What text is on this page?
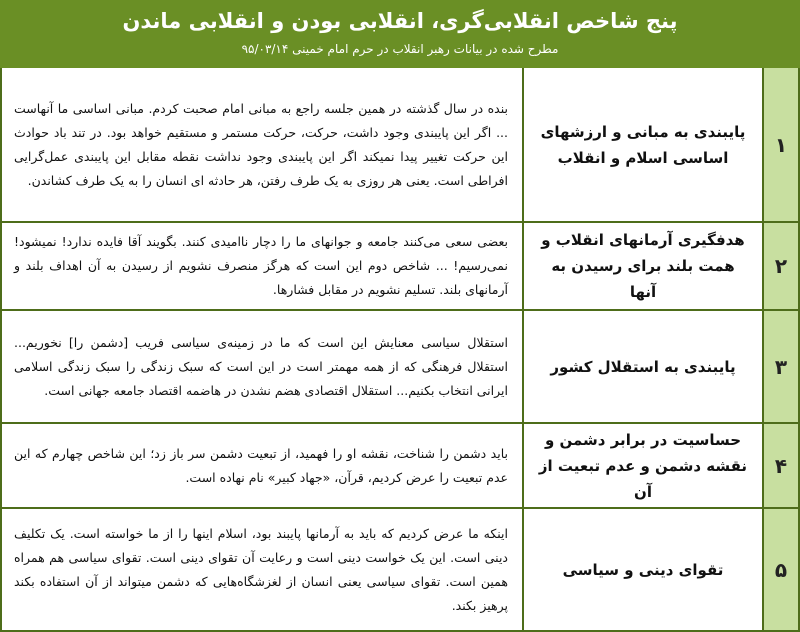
پنج شاخص انقلابی‌گری، انقلابی بودن و انقلابی ماندن
مطرح شده در بیانات رهبر انقلاب در حرم امام خمینی ۹۵/۰۳/۱۴
۱
پایبندی به مبانی و ارزشهای اساسی اسلام و انقلاب

بنده در سال گذشته در همین جلسه راجع به مبانی امام صحبت کردم. مبانی اساسی ما آنهاست ... اگر این پایبندی وجود داشت، حرکت، حرکت مستمر و مستقیم خواهد بود. در تند باد حوادث این حرکت تغییر پیدا نمیکند اگر این پایبندی وجود نداشت نقطه مقابل این پایبندی عمل‌گرایی افراطی است. یعنی هر روزی به یک طرف رفتن، هر حادثه ای انسان را به یک طرف کشاندن.

۲
هدفگیری آرمانهای انقلاب و همت بلند برای رسیدن به آنها

بعضی سعی می‌کنند جامعه و جوانهای ما را دچار ناامیدی کنند. بگویند آقا فایده ندارد! نمیشود! نمی‌رسیم! ... شاخص دوم این است که هرگز منصرف نشویم از رسیدن به آن اهداف بلند و آرمانهای بلند. تسلیم نشویم در مقابل فشارها.

۳
پایبندی به استقلال کشور

استقلال سیاسی معنایش این است که ما در زمینه‌ی سیاسی فریب [دشمن را] نخوریم... استقلال فرهنگی که از همه مهمتر است در این است که سبک زندگی را سبک زندگی اسلامی ایرانی انتخاب بکنیم... استقلال اقتصادی هضم نشدن در هاضمه اقتصاد جامعه جهانی است.

۴
حساسیت در برابر دشمن و نقشه دشمن و عدم تبعیت از آن

باید دشمن را شناخت، نقشه او را فهمید، از تبعیت دشمن سر باز زد؛ این شاخص چهارم که این عدم تبعیت را عرض کردیم، قرآن، «جهاد کبیر» نام نهاده است.

۵
تقوای دینی و سیاسی

اینکه ما عرض کردیم که باید به آرمانها پایبند بود، اسلام اینها را از ما خواسته است. یک تکلیف دینی است. این یک خواست دینی است و رعایت آن تقوای دینی است. تقوای سیاسی هم همراه همین است. تقوای سیاسی یعنی انسان از لغزشگاه‌هایی که دشمن میتواند از آن استفاده بکند پرهیز بکند.
